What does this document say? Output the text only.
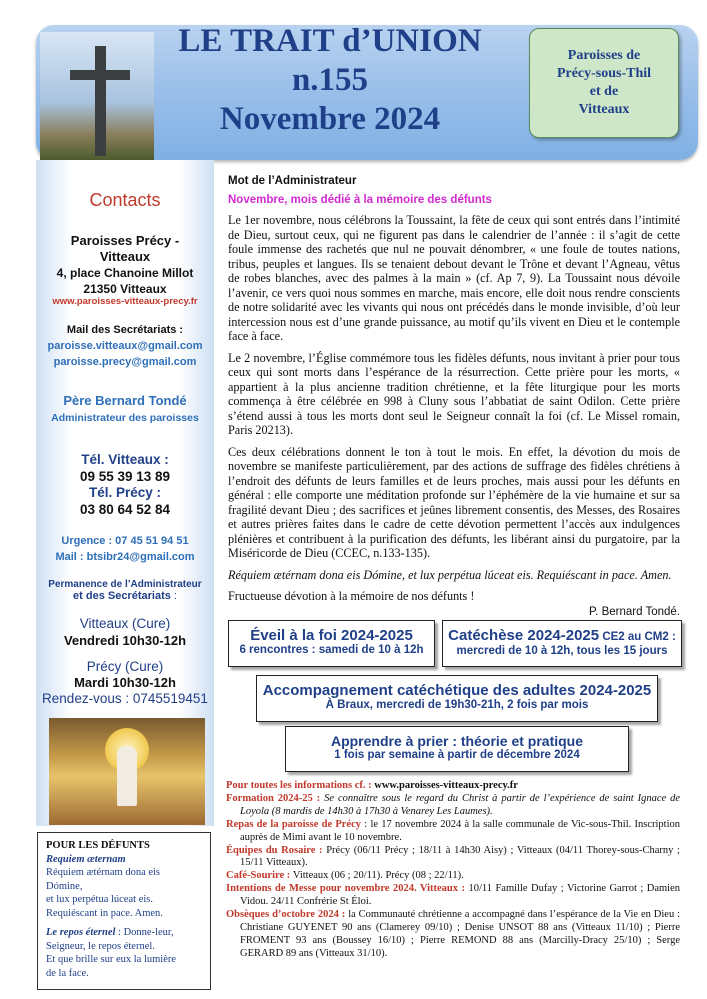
LE TRAIT d’UNION
n.155
Novembre 2024
Paroisses de
Précy-sous-Thil
et de
Vitteaux
Contacts
Paroisses Précy -
Vitteaux
4, place Chanoine Millot
21350 Vitteaux
www.paroisses-vitteaux-precy.fr
Mail des Secrétariats :
paroisse.vitteaux@gmail.com
paroisse.precy@gmail.com
Père Bernard Tondé
Administrateur des paroisses
Tél. Vitteaux :
09 55 39 13 89
Tél. Précy :
03 80 64 52 84
Urgence : 07 45 51 94 51
Mail : btsibr24@gmail.com
Permanence de l’Administrateur
et des Secrétariats :
Vitteaux (Cure)
Vendredi 10h30-12h
Précy (Cure)
Mardi 10h30-12h
Rendez-vous : 0745519451
POUR LES DÉFUNTS
Requiem æternam
Réquiem ætérnam dona eis
Dómine,
et lux perpétua lúceat eis.
Requiéscant in pace. Amen.
Le repos éternel : Donne-leur,
Seigneur, le repos éternel.
Et que brille sur eux la lumière
de la face.
Mot de l’Administrateur
Novembre, mois dédié à la mémoire des défunts

Le 1er novembre, nous célébrons la Toussaint, la fête de ceux qui sont entrés dans l’intimité de Dieu, surtout ceux, qui ne figurent pas dans le calendrier de l’année : il s’agit de cette foule immense des rachetés que nul ne pouvait dénombrer, « une foule de toutes nations, tribus, peuples et langues. Ils se tenaient debout devant le Trône et devant l’Agneau, vêtus de robes blanches, avec des palmes à la main » (cf. Ap 7, 9). La Toussaint nous dévoile l’avenir, ce vers quoi nous sommes en marche, mais encore, elle doit nous rendre conscients de notre solidarité avec les vivants qui nous ont précédés dans le monde invisible, d’où leur intercession nous est d’une grande puissance, au motif qu’ils vivent en Dieu et le contemple face à face.

Le 2 novembre, l’Église commémore tous les fidèles défunts, nous invitant à prier pour tous ceux qui sont morts dans l’espérance de la résurrection. Cette prière pour les morts, « appartient à la plus ancienne tradition chrétienne, et la fête liturgique pour les morts commença à être célébrée en 998 à Cluny sous l’abbatiat de saint Odilon. Cette prière s’étend aussi à tous les morts dont seul le Seigneur connaît la foi (cf. Le Missel romain, Paris 20213).

Ces deux célébrations donnent le ton à tout le mois. En effet, la dévotion du mois de novembre se manifeste particulièrement, par des actions de suffrage des fidèles chrétiens à l’endroit des défunts de leurs familles et de leurs proches, mais aussi pour les défunts en général : elle comporte une méditation profonde sur l’éphémère de la vie humaine et sur sa fragilité devant Dieu ; des sacrifices et jeûnes librement consentis, des Messes, des Rosaires et autres prières faites dans le cadre de cette dévotion permettent l’accès aux indulgences plénières et contribuent à la purification des défunts, les libérant ainsi du purgatoire, par la Miséricorde de Dieu (CCEC, n.133-135).

Réquiem ætérnam dona eis Dómine, et lux perpétua lúceat eis. Requiéscant in pace. Amen.

Fructueuse dévotion à la mémoire de nos défunts !

P. Bernard Tondé.
Éveil à la foi 2024-2025
6 rencontres : samedi de 10 à 12h
Catéchèse 2024-2025 CE2 au CM2 :
mercredi de 10 à 12h, tous les 15 jours
Accompagnement catéchétique des adultes 2024-2025
À Braux, mercredi de 19h30-21h, 2 fois par mois
Apprendre à prier : théorie et pratique
1 fois par semaine à partir de décembre 2024
Pour toutes les informations cf. : www.paroisses-vitteaux-precy.fr
Formation 2024-25 : Se connaître sous le regard du Christ à partir de l’expérience de saint Ignace de Loyola (8 mardis de 14h30 à 17h30 à Venarey Les Laumes).
Repas de la paroisse de Précy : le 17 novembre 2024 à la salle communale de Vic-sous-Thil. Inscription auprès de Mimi avant le 10 novembre.
Équipes du Rosaire : Précy (06/11 Précy ; 18/11 à 14h30 Aisy) ; Vitteaux (04/11 Thorey-sous-Charny ; 15/11 Vitteaux).
Café-Sourire : Vitteaux (06 ; 20/11). Précy (08 ; 22/11).
Intentions de Messe pour novembre 2024. Vitteaux : 10/11 Famille Dufay ; Victorine Garrot ; Damien Vidou. 24/11 Confrérie St Éloi.
Obsèques d’octobre 2024 : la Communauté chrétienne a accompagné dans l’espérance de la Vie en Dieu : Christiane GUYENET 90 ans (Clamerey 09/10) ; Denise UNSOT 88 ans (Vitteaux 11/10) ; Pierre FROMENT 93 ans (Boussey 16/10) ; Pierre REMOND 88 ans (Marcilly-Dracy 25/10) ; Serge GERARD 89 ans (Vitteaux 31/10).
